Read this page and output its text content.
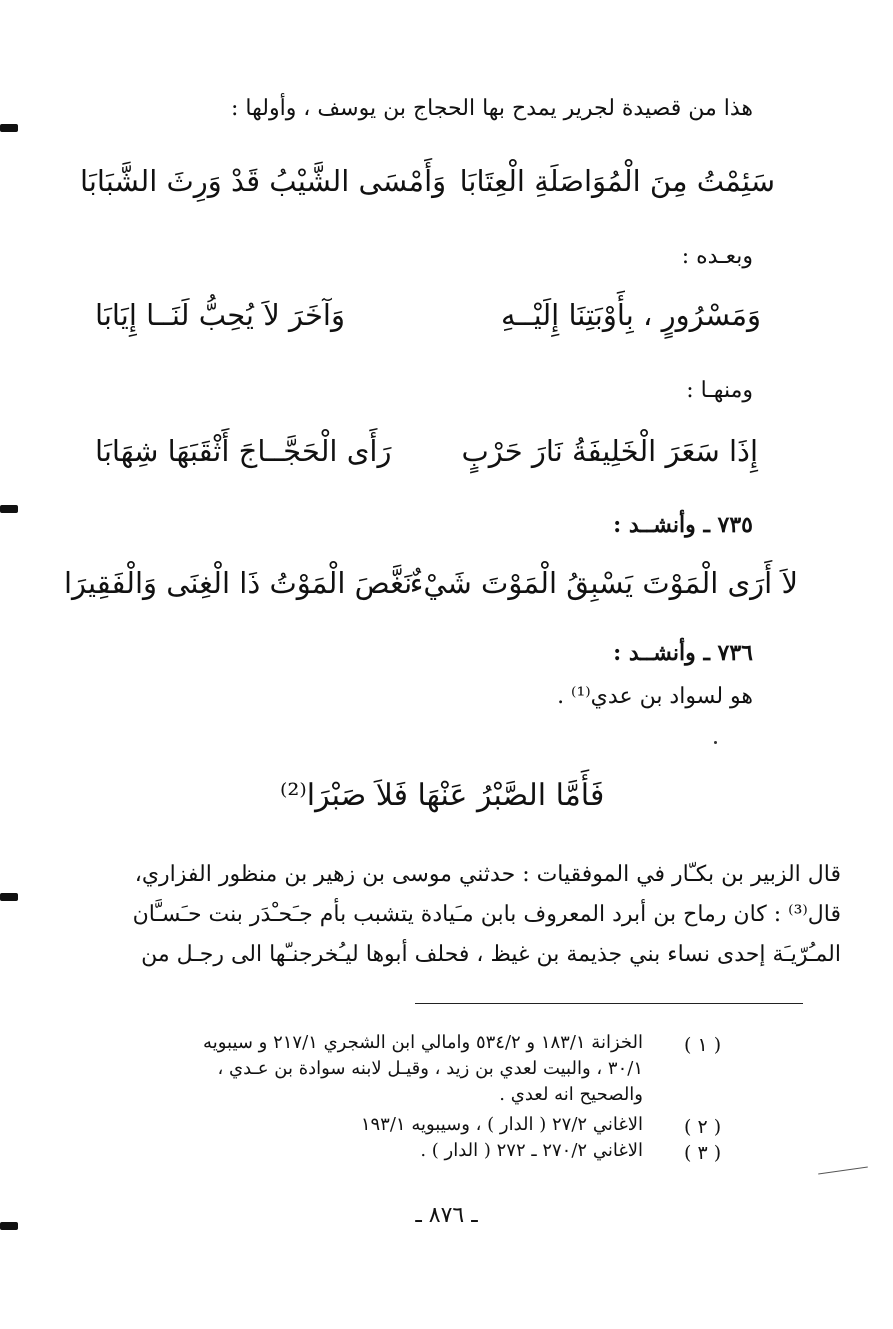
هذا من قصيدة لجرير يمدح بها الحجاج بن يوسف ، وأولها :
سَئِمْتُ مِنَ الْمُوَاصَلَةِ الْعِتَابَا
وَأَمْسَى الشَّيْبُ قَدْ وَرِثَ الشَّبَابَا
وبعـده :
وَمَسْرُورٍ ، بِأَوْبَتِنَا إِلَيْــهِ
وَآخَرَ لاَ يُحِبُّ لَنَــا إِيَابَا
ومنهـا :
إِذَا سَعَرَ الْخَلِيفَةُ نَارَ حَرْبٍ
رَأَى الْحَجَّــاجَ أَثْقَبَهَا شِهَابَا
٧٣٥ ـ وأنشــد :
لاَ أَرَى الْمَوْتَ يَسْبِقُ الْمَوْتَ شَيْءٌ
نَغَّصَ الْمَوْتُ ذَا الْغِنَى وَالْفَقِيرَا
٧٣٦ ـ وأنشــد :
هو لسواد بن عدي⁽¹⁾ .
فَأَمَّا الصَّبْرُ عَنْهَا فَلاَ صَبْرَا⁽²⁾
قال الزبير بن بكـّار في الموفقيات : حدثني موسى بن زهير بن منظور الفزاري،
قال⁽³⁾ : كان رماح بن أبرد المعروف بابن مـَيادة يتشبب بأم جـَحـْدَر بنت حـَسـَّان
المـُرّيـَة إحدى نساء بني جذيمة بن غيظ ، فحلف أبوها ليـُخرجنـّها الى رجـل من
( ١ )
الخزانة ١٨٣/١ و ٥٣٤/٢ وامالي ابن الشجري ٢١٧/١ و سيبويه
٣٠/١ ، والبيت لعدي بن زيد ، وقيـل لابنه سوادة بن عـدي ،
والصحيح انه لعدي .
( ٢ )
الاغاني ٢٧/٢ ( الدار ) ، وسيبويه ١٩٣/١
( ٣ )
الاغاني ٢٧٠/٢ ـ ٢٧٢ ( الدار ) .
ـ ٨٧٦ ـ
